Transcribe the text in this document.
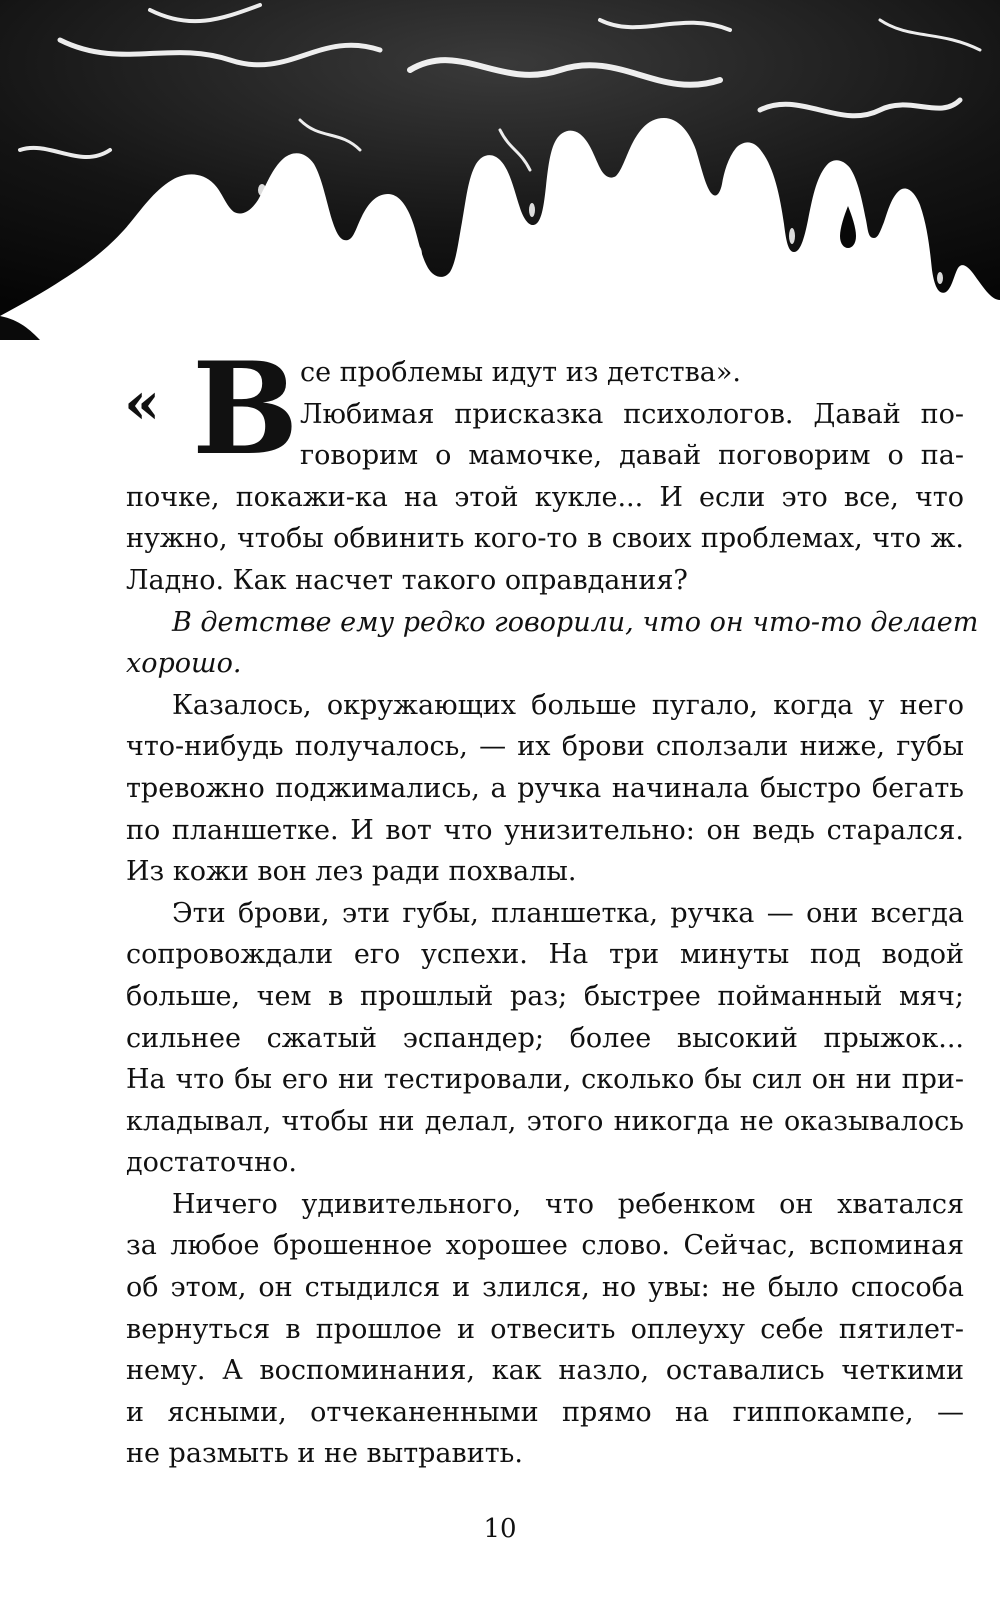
« В се проблемы идут из детства».
Любимая присказка психологов. Давай по-
говорим о мамочке, давай поговорим о па-
почке, покажи-ка на этой кукле... И если это все, что
нужно, чтобы обвинить кого-то в своих проблемах, что ж.
Ладно. Как насчет такого оправдания?
В детстве ему редко говорили, что он что-то делает
хорошо.
Казалось, окружающих больше пугало, когда у него
что-нибудь получалось, — их брови сползали ниже, губы
тревожно поджимались, а ручка начинала быстро бегать
по планшетке. И вот что унизительно: он ведь старался.
Из кожи вон лез ради похвалы.
Эти брови, эти губы, планшетка, ручка — они всегда
сопровождали его успехи. На три минуты под водой
больше, чем в прошлый раз; быстрее пойманный мяч;
сильнее сжатый эспандер; более высокий прыжок...
На что бы его ни тестировали, сколько бы сил он ни при-
кладывал, чтобы ни делал, этого никогда не оказывалось
достаточно.
Ничего удивительного, что ребенком он хватался
за любое брошенное хорошее слово. Сейчас, вспоминая
об этом, он стыдился и злился, но увы: не было способа
вернуться в прошлое и отвесить оплеуху себе пятилет-
нему. А воспоминания, как назло, оставались четкими
и ясными, отчеканенными прямо на гиппокампе, —
не размыть и не вытравить.
10
